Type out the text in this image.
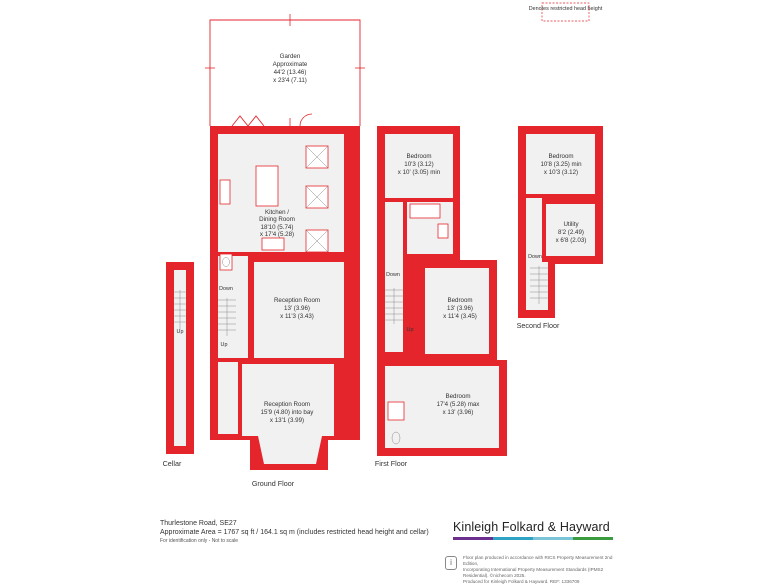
Denotes restricted head height
Garden
Approximate
44'2 (13.46)
x 23'4 (7.11)
Up
Cellar
Down
Up
Kitchen /
Dining Room
18'10 (5.74)
x 17'4 (5.28)
Reception Room
13' (3.96)
x 11'3 (3.43)
Reception Room
15'9 (4.80) into bay
x 13'1 (3.99)
Ground Floor
Down
Up
Bedroom
10'3 (3.12)
x 10' (3.05) min
Bedroom
13' (3.96)
x 11'4 (3.45)
Bedroom
17'4 (5.28) max
x 13' (3.96)
First Floor
Down
Bedroom
10'8 (3.25) min
x 10'3 (3.12)
Utility
8'2 (2.49)
x 6'8 (2.03)
Second Floor
Thurlestone Road, SE27
Approximate Area = 1767 sq ft / 164.1 sq m (includes restricted head height and cellar)
For identification only - Not to scale
Kinleigh Folkard & Hayward
i
Floor plan produced in accordance with RICS Property Measurement 2nd Edition,
Incorporating International Property Measurement Standards (IPMS2 Residential). ©nichecom 2025.
Produced for Kinleigh Folkard & Hayward. REF: 1336709
